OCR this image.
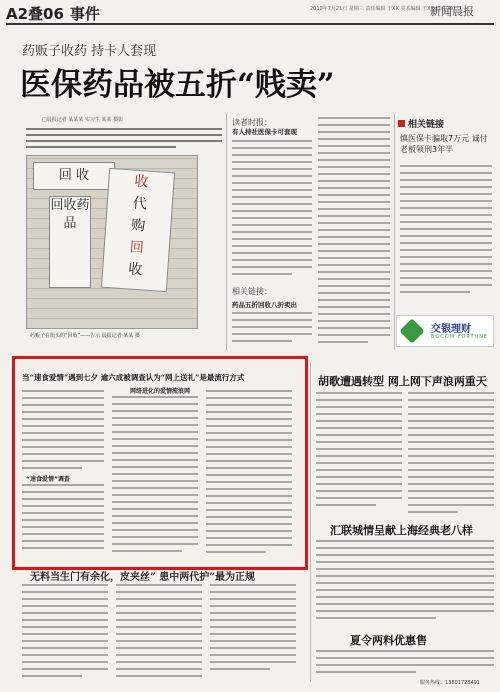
A2叠06 事件	2010年7月21日 星期三 责任编辑 于XX 美术编辑 于XX 校对 XX
新闻晨报
药贩子收药 持卡人套现
医保药品被五折“贱卖”
□晨报记者 某某某 实习生 某某 摄影
回 收
回收药品
收
代
购
回
收
药贩子在街头的“回收”——告示 晨报记者 某某 摄
读者时报：
有人持社医保卡可套现
相关链接：
药品五折回收八折卖出
相关链接
慎医保卡骗取7万元 诚付老板领刑3年半
交银理财
BOCOM FORTUNE
当“速食爱情”遇到七夕 逾六成被调查认为“网上送礼”是最流行方式
网络进化的爱情流浪网
“速食爱情”调查
胡歌遭遇转型 网上网下声浪两重天
汇联城情呈献上海经典老八样
夏令两料优惠售
服务热线：13801728491
无料当生门有余化，皮夹丝” 患中两代护”最为正规
